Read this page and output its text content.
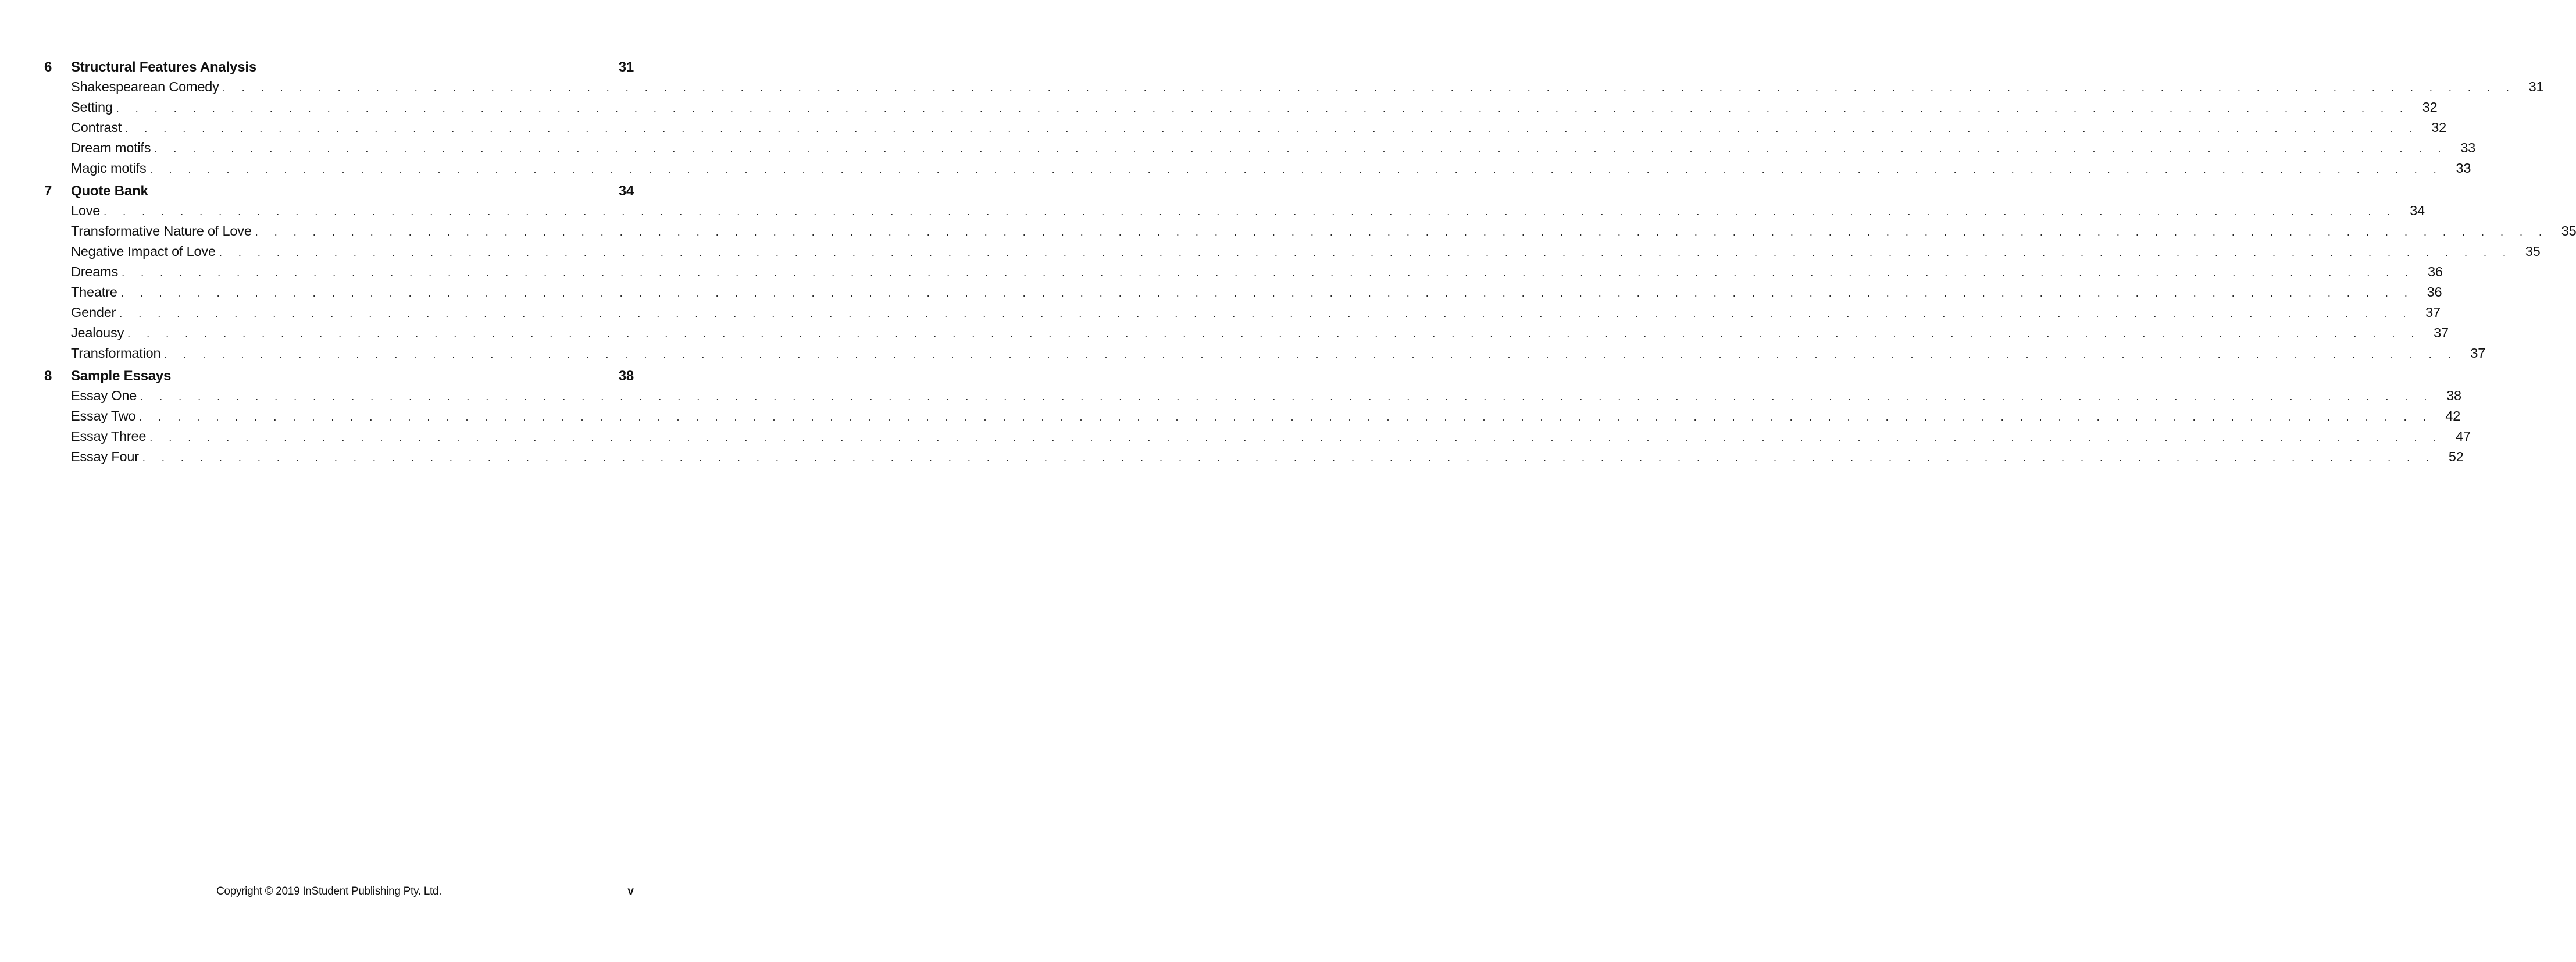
6	Structural Features Analysis	31
Shakespearean Comedy . . . . . . . . . . . . . . . . . . . . . . . . . . . . . . . . . . . . . . . . . . . . . . . . . . . . . . . . . . . . . . . . . . . . . . . . . . . . . . . . . . . . . . . . . . . . . . . . . . . . . . . . . . . . . . . . . . . . . . . . 31
Setting . . . . . . . . . . . . . . . . . . . . . . . . . . . . . . . . . . . . . . . . . . . . . . . . . . . . . . . . . . . . . . . . . . . . . . . . . . . . . . . . . . . . . . . . . . . . . . . . . . . . . . . . . . . . . . . . . . . . . . . . 32
Contrast . . . . . . . . . . . . . . . . . . . . . . . . . . . . . . . . . . . . . . . . . . . . . . . . . . . . . . . . . . . . . . . . . . . . . . . . . . . . . . . . . . . . . . . . . . . . . . . . . . . . . . . . . . . . . . . . . . . . . . . . 32
Dream motifs . . . . . . . . . . . . . . . . . . . . . . . . . . . . . . . . . . . . . . . . . . . . . . . . . . . . . . . . . . . . . . . . . . . . . . . . . . . . . . . . . . . . . . . . . . . . . . . . . . . . . . . . . . . . . . . . . . . . . . . . 33
Magic motifs . . . . . . . . . . . . . . . . . . . . . . . . . . . . . . . . . . . . . . . . . . . . . . . . . . . . . . . . . . . . . . . . . . . . . . . . . . . . . . . . . . . . . . . . . . . . . . . . . . . . . . . . . . . . . . . . . . . . . . . . 33
7	Quote Bank	34
Love . . . . . . . . . . . . . . . . . . . . . . . . . . . . . . . . . . . . . . . . . . . . . . . . . . . . . . . . . . . . . . . . . . . . . . . . . . . . . . . . . . . . . . . . . . . . . . . . . . . . . . . . . . . . . . . . . . . . . . . . 34
Transformative Nature of Love . . . . . . . . . . . . . . . . . . . . . . . . . . . . . . . . . . . . . . . . . . . . . . . . . . . . . . . . . . . . . . . . . . . . . . . . . . . . . . . . . . . . . . . . . . . . . . . . . . . . . . . . . . . . . . . . . . . . . . . . 35
Negative Impact of Love . . . . . . . . . . . . . . . . . . . . . . . . . . . . . . . . . . . . . . . . . . . . . . . . . . . . . . . . . . . . . . . . . . . . . . . . . . . . . . . . . . . . . . . . . . . . . . . . . . . . . . . . . . . . . . . . . . . . . . . . 35
Dreams . . . . . . . . . . . . . . . . . . . . . . . . . . . . . . . . . . . . . . . . . . . . . . . . . . . . . . . . . . . . . . . . . . . . . . . . . . . . . . . . . . . . . . . . . . . . . . . . . . . . . . . . . . . . . . . . . . . . . . . . 36
Theatre . . . . . . . . . . . . . . . . . . . . . . . . . . . . . . . . . . . . . . . . . . . . . . . . . . . . . . . . . . . . . . . . . . . . . . . . . . . . . . . . . . . . . . . . . . . . . . . . . . . . . . . . . . . . . . . . . . . . . . . . 36
Gender . . . . . . . . . . . . . . . . . . . . . . . . . . . . . . . . . . . . . . . . . . . . . . . . . . . . . . . . . . . . . . . . . . . . . . . . . . . . . . . . . . . . . . . . . . . . . . . . . . . . . . . . . . . . . . . . . . . . . . . . 37
Jealousy . . . . . . . . . . . . . . . . . . . . . . . . . . . . . . . . . . . . . . . . . . . . . . . . . . . . . . . . . . . . . . . . . . . . . . . . . . . . . . . . . . . . . . . . . . . . . . . . . . . . . . . . . . . . . . . . . . . . . . . . 37
Transformation . . . . . . . . . . . . . . . . . . . . . . . . . . . . . . . . . . . . . . . . . . . . . . . . . . . . . . . . . . . . . . . . . . . . . . . . . . . . . . . . . . . . . . . . . . . . . . . . . . . . . . . . . . . . . . . . . . . . . . . . 37
8	Sample Essays	38
Essay One . . . . . . . . . . . . . . . . . . . . . . . . . . . . . . . . . . . . . . . . . . . . . . . . . . . . . . . . . . . . . . . . . . . . . . . . . . . . . . . . . . . . . . . . . . . . . . . . . . . . . . . . . . . . . . . . . . . . . . . . 38
Essay Two . . . . . . . . . . . . . . . . . . . . . . . . . . . . . . . . . . . . . . . . . . . . . . . . . . . . . . . . . . . . . . . . . . . . . . . . . . . . . . . . . . . . . . . . . . . . . . . . . . . . . . . . . . . . . . . . . . . . . . . . 42
Essay Three . . . . . . . . . . . . . . . . . . . . . . . . . . . . . . . . . . . . . . . . . . . . . . . . . . . . . . . . . . . . . . . . . . . . . . . . . . . . . . . . . . . . . . . . . . . . . . . . . . . . . . . . . . . . . . . . . . . . . . . . 47
Essay Four . . . . . . . . . . . . . . . . . . . . . . . . . . . . . . . . . . . . . . . . . . . . . . . . . . . . . . . . . . . . . . . . . . . . . . . . . . . . . . . . . . . . . . . . . . . . . . . . . . . . . . . . . . . . . . . . . . . . . . . . 52
Copyright © 2019 InStudent Publishing Pty. Ltd.	v
